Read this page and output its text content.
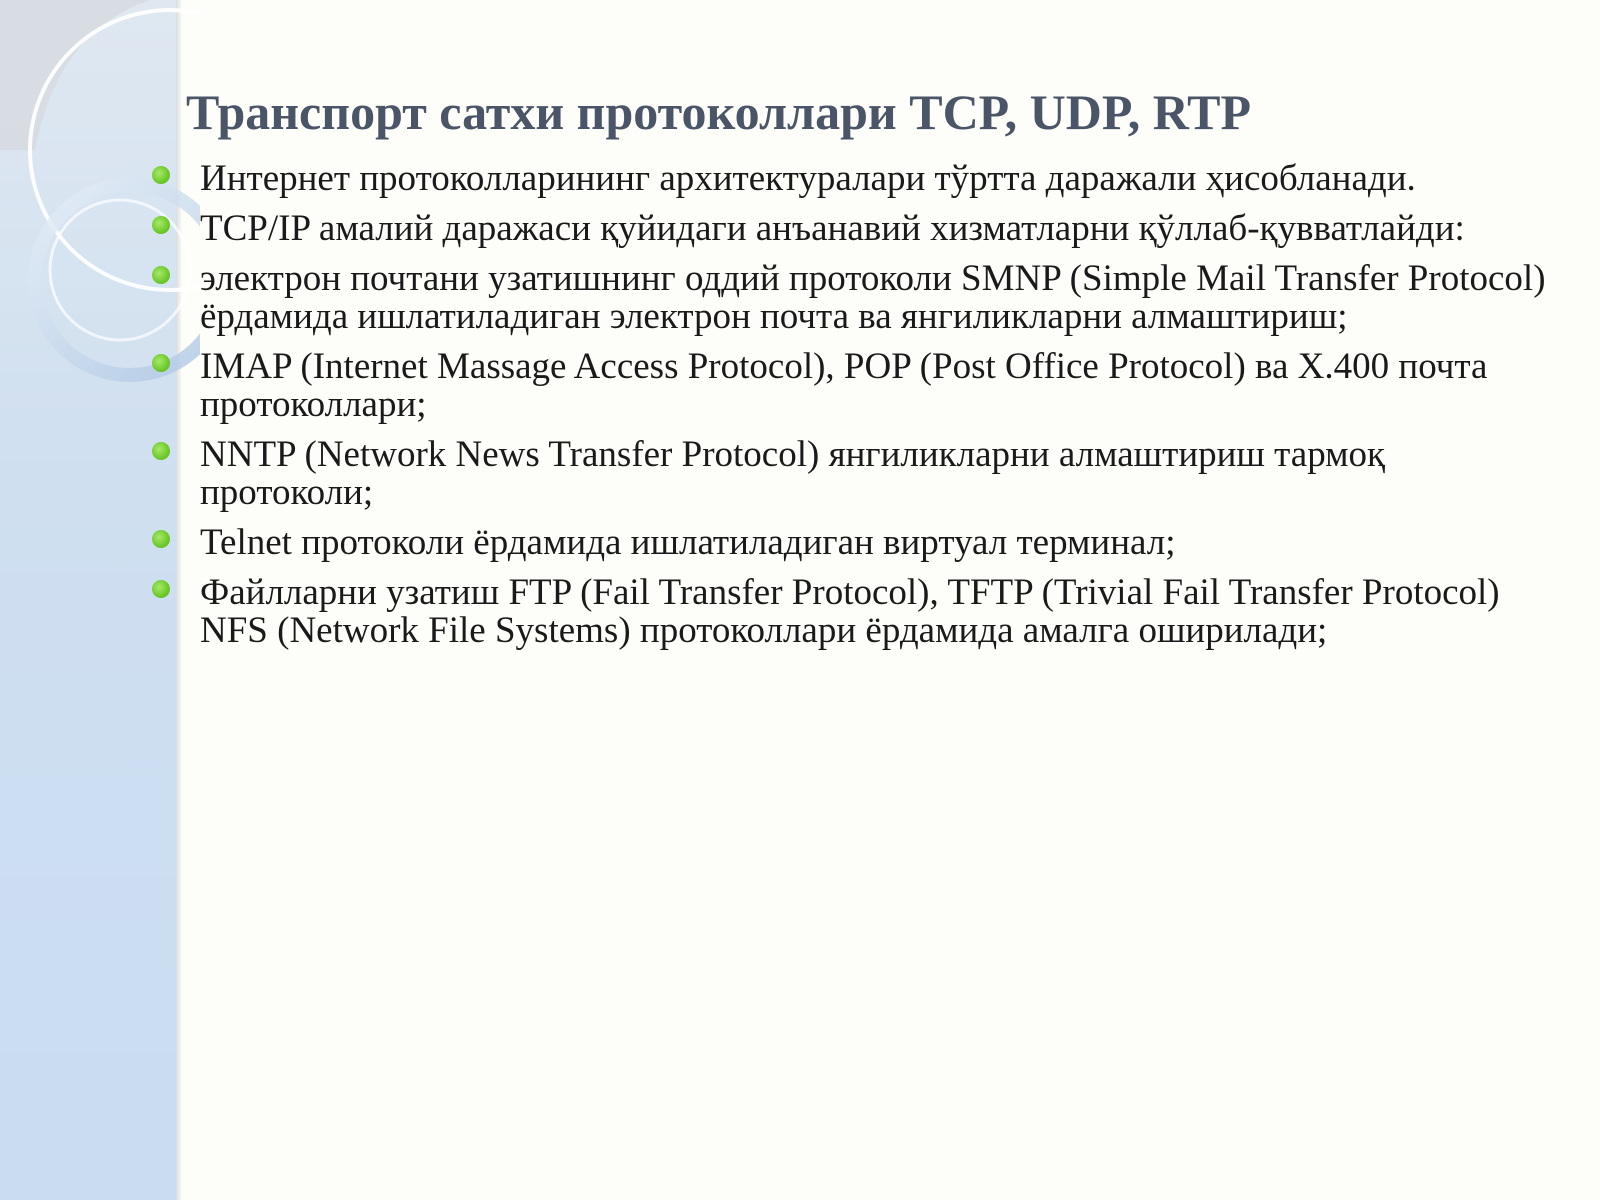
Транспорт сатхи протоколлари TCP, UDP, RTP
Интернет протоколларининг архитектуралари тўртта даражали ҳисобланади.
TCP/IP амалий даражаси қуйидаги анъанавий хизматларни қўллаб-қувватлайди:
электрон почтани узатишнинг оддий протоколи SMNP (Simple Mail Transfer Protocol) ёрдамида ишлатиладиган электрон почта ва янгиликларни алмаштириш;
IMAP (Internet Massage Access Protocol), POP (Post Office Protocol) ва X.400 почта протоколлари;
NNTP (Network News Transfer Protocol) янгиликларни алмаштириш тармоқ протоколи;
Telnet протоколи ёрдамида ишлатиладиган виртуал терминал;
Файлларни узатиш FTP (Fail Transfer Protocol), TFTP (Trivial Fail Transfer Protocol) NFS (Network File Systems) протоколлари ёрдамида амалга оширилади;
